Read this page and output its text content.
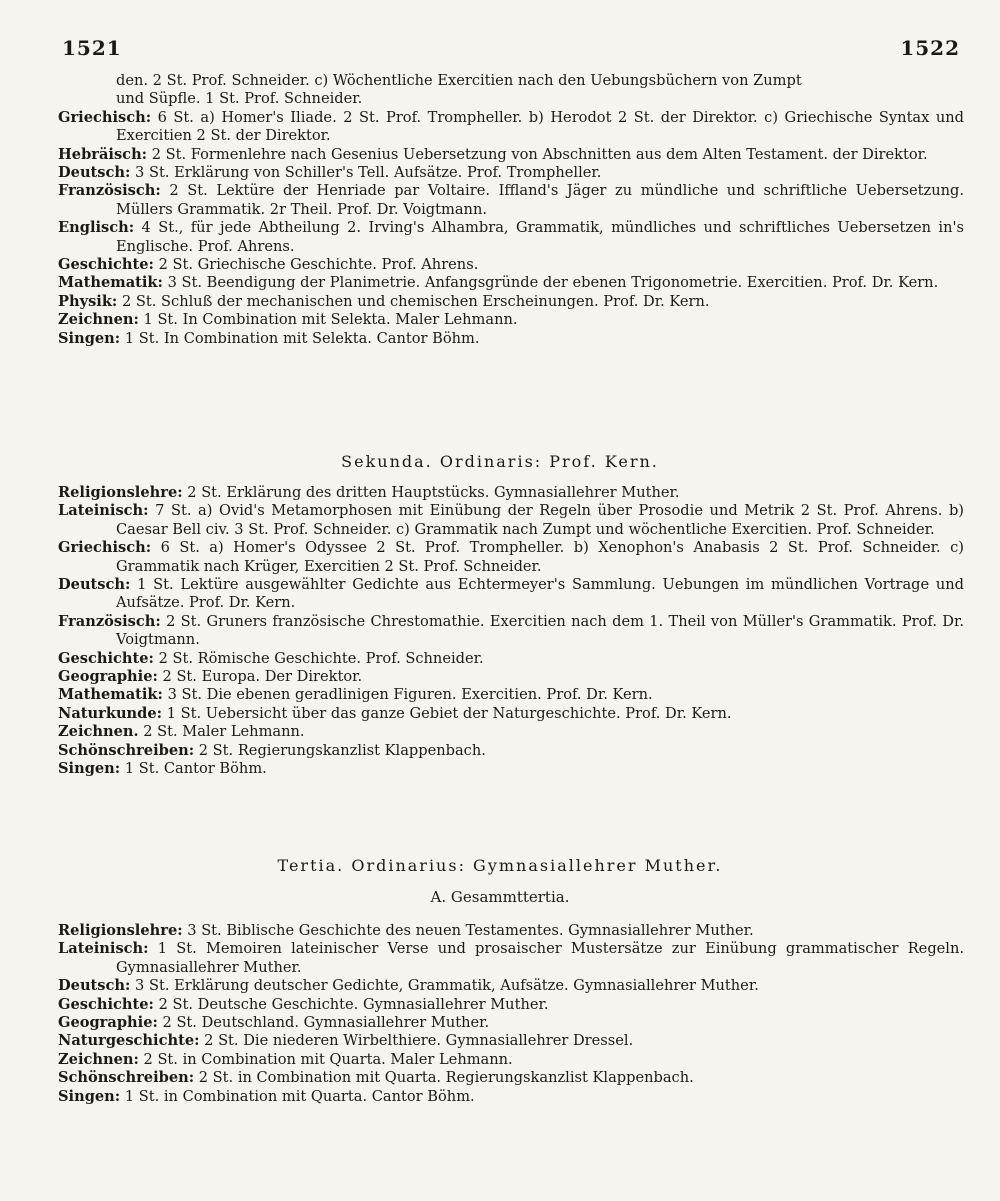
1521	1522

den. 2 St. Prof. Schneider. c) Wöchentliche Exercitien nach den Uebungsbüchern von Zumpt

und Süpfle. 1 St. Prof. Schneider.

Griechisch: 6 St. a) Homer's Iliade. 2 St. Prof. Trompheller. b) Herodot 2 St. der Direktor. c) Griechische Syntax und Exercitien 2 St. der Direktor.

Hebräisch: 2 St. Formenlehre nach Gesenius Uebersetzung von Abschnitten aus dem Alten Testament. der Direktor.

Deutsch: 3 St. Erklärung von Schiller's Tell. Aufsätze. Prof. Trompheller.

Französisch: 2 St. Lektüre der Henriade par Voltaire. Iffland's Jäger zu mündliche und schriftliche Uebersetzung. Müllers Grammatik. 2r Theil. Prof. Dr. Voigtmann.

Englisch: 4 St., für jede Abtheilung 2. Irving's Alhambra, Grammatik, mündliches und schriftliches Uebersetzen in's Englische. Prof. Ahrens.

Geschichte: 2 St. Griechische Geschichte. Prof. Ahrens.

Mathematik: 3 St. Beendigung der Planimetrie. Anfangsgründe der ebenen Trigonometrie. Exercitien. Prof. Dr. Kern.

Physik: 2 St. Schluß der mechanischen und chemischen Erscheinungen. Prof. Dr. Kern.

Zeichnen: 1 St. In Combination mit Selekta. Maler Lehmann.

Singen: 1 St. In Combination mit Selekta. Cantor Böhm.

Sekunda. Ordinaris: Prof. Kern.

Religionslehre: 2 St. Erklärung des dritten Hauptstücks. Gymnasiallehrer Muther.

Lateinisch: 7 St. a) Ovid's Metamorphosen mit Einübung der Regeln über Prosodie und Metrik 2 St. Prof. Ahrens. b) Caesar Bell civ. 3 St. Prof. Schneider. c) Grammatik nach Zumpt und wöchentliche Exercitien. Prof. Schneider.

Griechisch: 6 St. a) Homer's Odyssee 2 St. Prof. Trompheller. b) Xenophon's Anabasis 2 St. Prof. Schneider. c) Grammatik nach Krüger, Exercitien 2 St. Prof. Schneider.

Deutsch: 1 St. Lektüre ausgewählter Gedichte aus Echtermeyer's Sammlung. Uebungen im mündlichen Vortrage und Aufsätze. Prof. Dr. Kern.

Französisch: 2 St. Gruners französische Chrestomathie. Exercitien nach dem 1. Theil von Müller's Grammatik. Prof. Dr. Voigtmann.

Geschichte: 2 St. Römische Geschichte. Prof. Schneider.

Geographie: 2 St. Europa. Der Direktor.

Mathematik: 3 St. Die ebenen geradlinigen Figuren. Exercitien. Prof. Dr. Kern.

Naturkunde: 1 St. Uebersicht über das ganze Gebiet der Naturgeschichte. Prof. Dr. Kern.

Zeichnen. 2 St. Maler Lehmann.

Schönschreiben: 2 St. Regierungskanzlist Klappenbach.

Singen: 1 St. Cantor Böhm.

Tertia. Ordinarius: Gymnasiallehrer Muther.
A. Gesammttertia.

Religionslehre: 3 St. Biblische Geschichte des neuen Testamentes. Gymnasiallehrer Muther.

Lateinisch: 1 St. Memoiren lateinischer Verse und prosaischer Mustersätze zur Einübung grammatischer Regeln. Gymnasiallehrer Muther.

Deutsch: 3 St. Erklärung deutscher Gedichte, Grammatik, Aufsätze. Gymnasiallehrer Muther.

Geschichte: 2 St. Deutsche Geschichte. Gymnasiallehrer Muther.

Geographie: 2 St. Deutschland. Gymnasiallehrer Muther.

Naturgeschichte: 2 St. Die niederen Wirbelthiere. Gymnasiallehrer Dressel.

Zeichnen: 2 St. in Combination mit Quarta. Maler Lehmann.

Schönschreiben: 2 St. in Combination mit Quarta. Regierungskanzlist Klappenbach.

Singen: 1 St. in Combination mit Quarta. Cantor Böhm.
